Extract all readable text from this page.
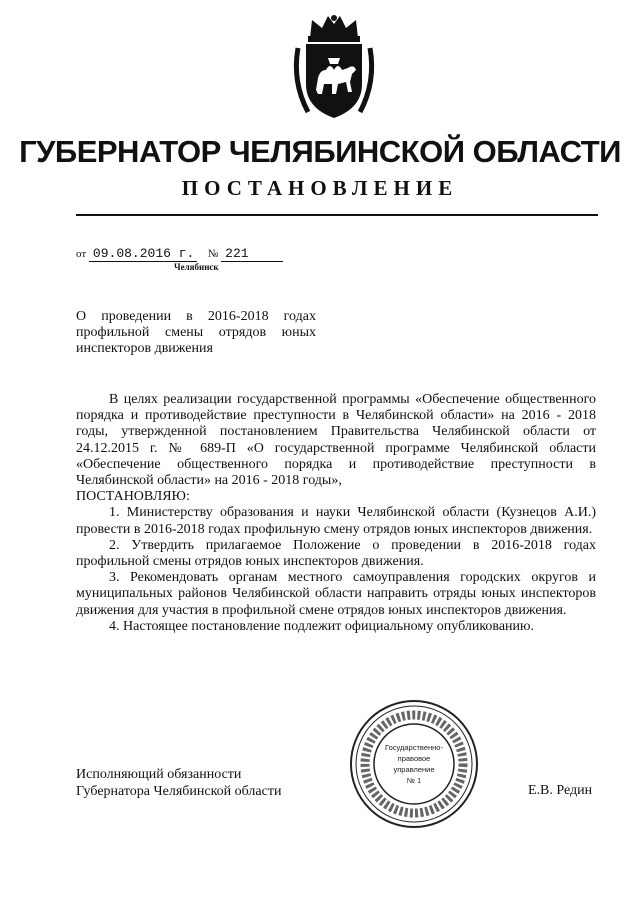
ГУБЕРНАТОР ЧЕЛЯБИНСКОЙ ОБЛАСТИ
ПОСТАНОВЛЕНИЕ
от 09.08.2016 г. № 221
Челябинск
О проведении в 2016-2018 годах профильной смены отрядов юных инспекторов движения

В целях реализации государственной программы «Обеспечение общественного порядка и противодействие преступности в Челябинской области» на 2016 - 2018 годы, утвержденной постановлением Правительства Челябинской области от 24.12.2015 г. № 689-П «О государственной программе Челябинской области «Обеспечение общественного порядка и противодействие преступности в Челябинской области» на 2016 - 2018 годы»,

ПОСТАНОВЛЯЮ:

1. Министерству образования и науки Челябинской области (Кузнецов А.И.) провести в 2016-2018 годах профильную смену отрядов юных инспекторов движения.

2. Утвердить прилагаемое Положение о проведении в 2016-2018 годах профильной смены отрядов юных инспекторов движения.

3. Рекомендовать органам местного самоуправления городских округов и муниципальных районов Челябинской области направить отряды юных инспекторов движения для участия в профильной смене отрядов юных инспекторов движения.

4. Настоящее постановление подлежит официальному опубликованию.

Государственно-
правовое
управление
№ 1
Исполняющий обязанности
Губернатора Челябинской области	Е.В. Редин
